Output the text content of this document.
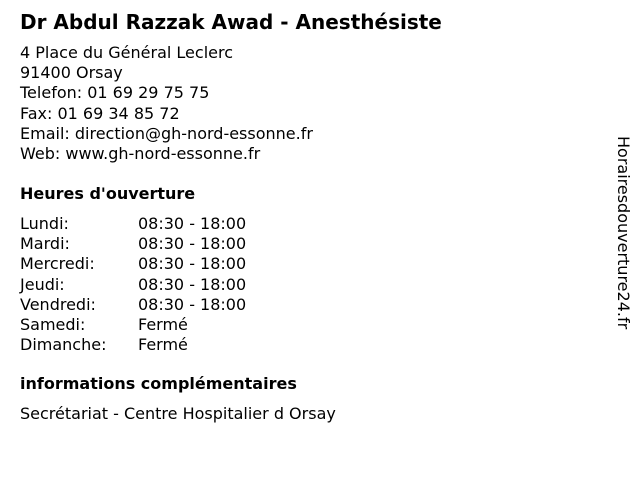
Dr Abdul Razzak Awad - Anesthésiste
4 Place du Général Leclerc
91400 Orsay
Telefon: 01 69 29 75 75
Fax: 01 69 34 85 72
Email: direction@gh-nord-essonne.fr
Web: www.gh-nord-essonne.fr
Heures d'ouverture
Lundi:	08:30 - 18:00
Mardi:	08:30 - 18:00
Mercredi:	08:30 - 18:00
Jeudi:	08:30 - 18:00
Vendredi:	08:30 - 18:00
Samedi:	Fermé
Dimanche:	Fermé
informations complémentaires
Secrétariat - Centre Hospitalier d Orsay
Horairesdouverture24.fr
